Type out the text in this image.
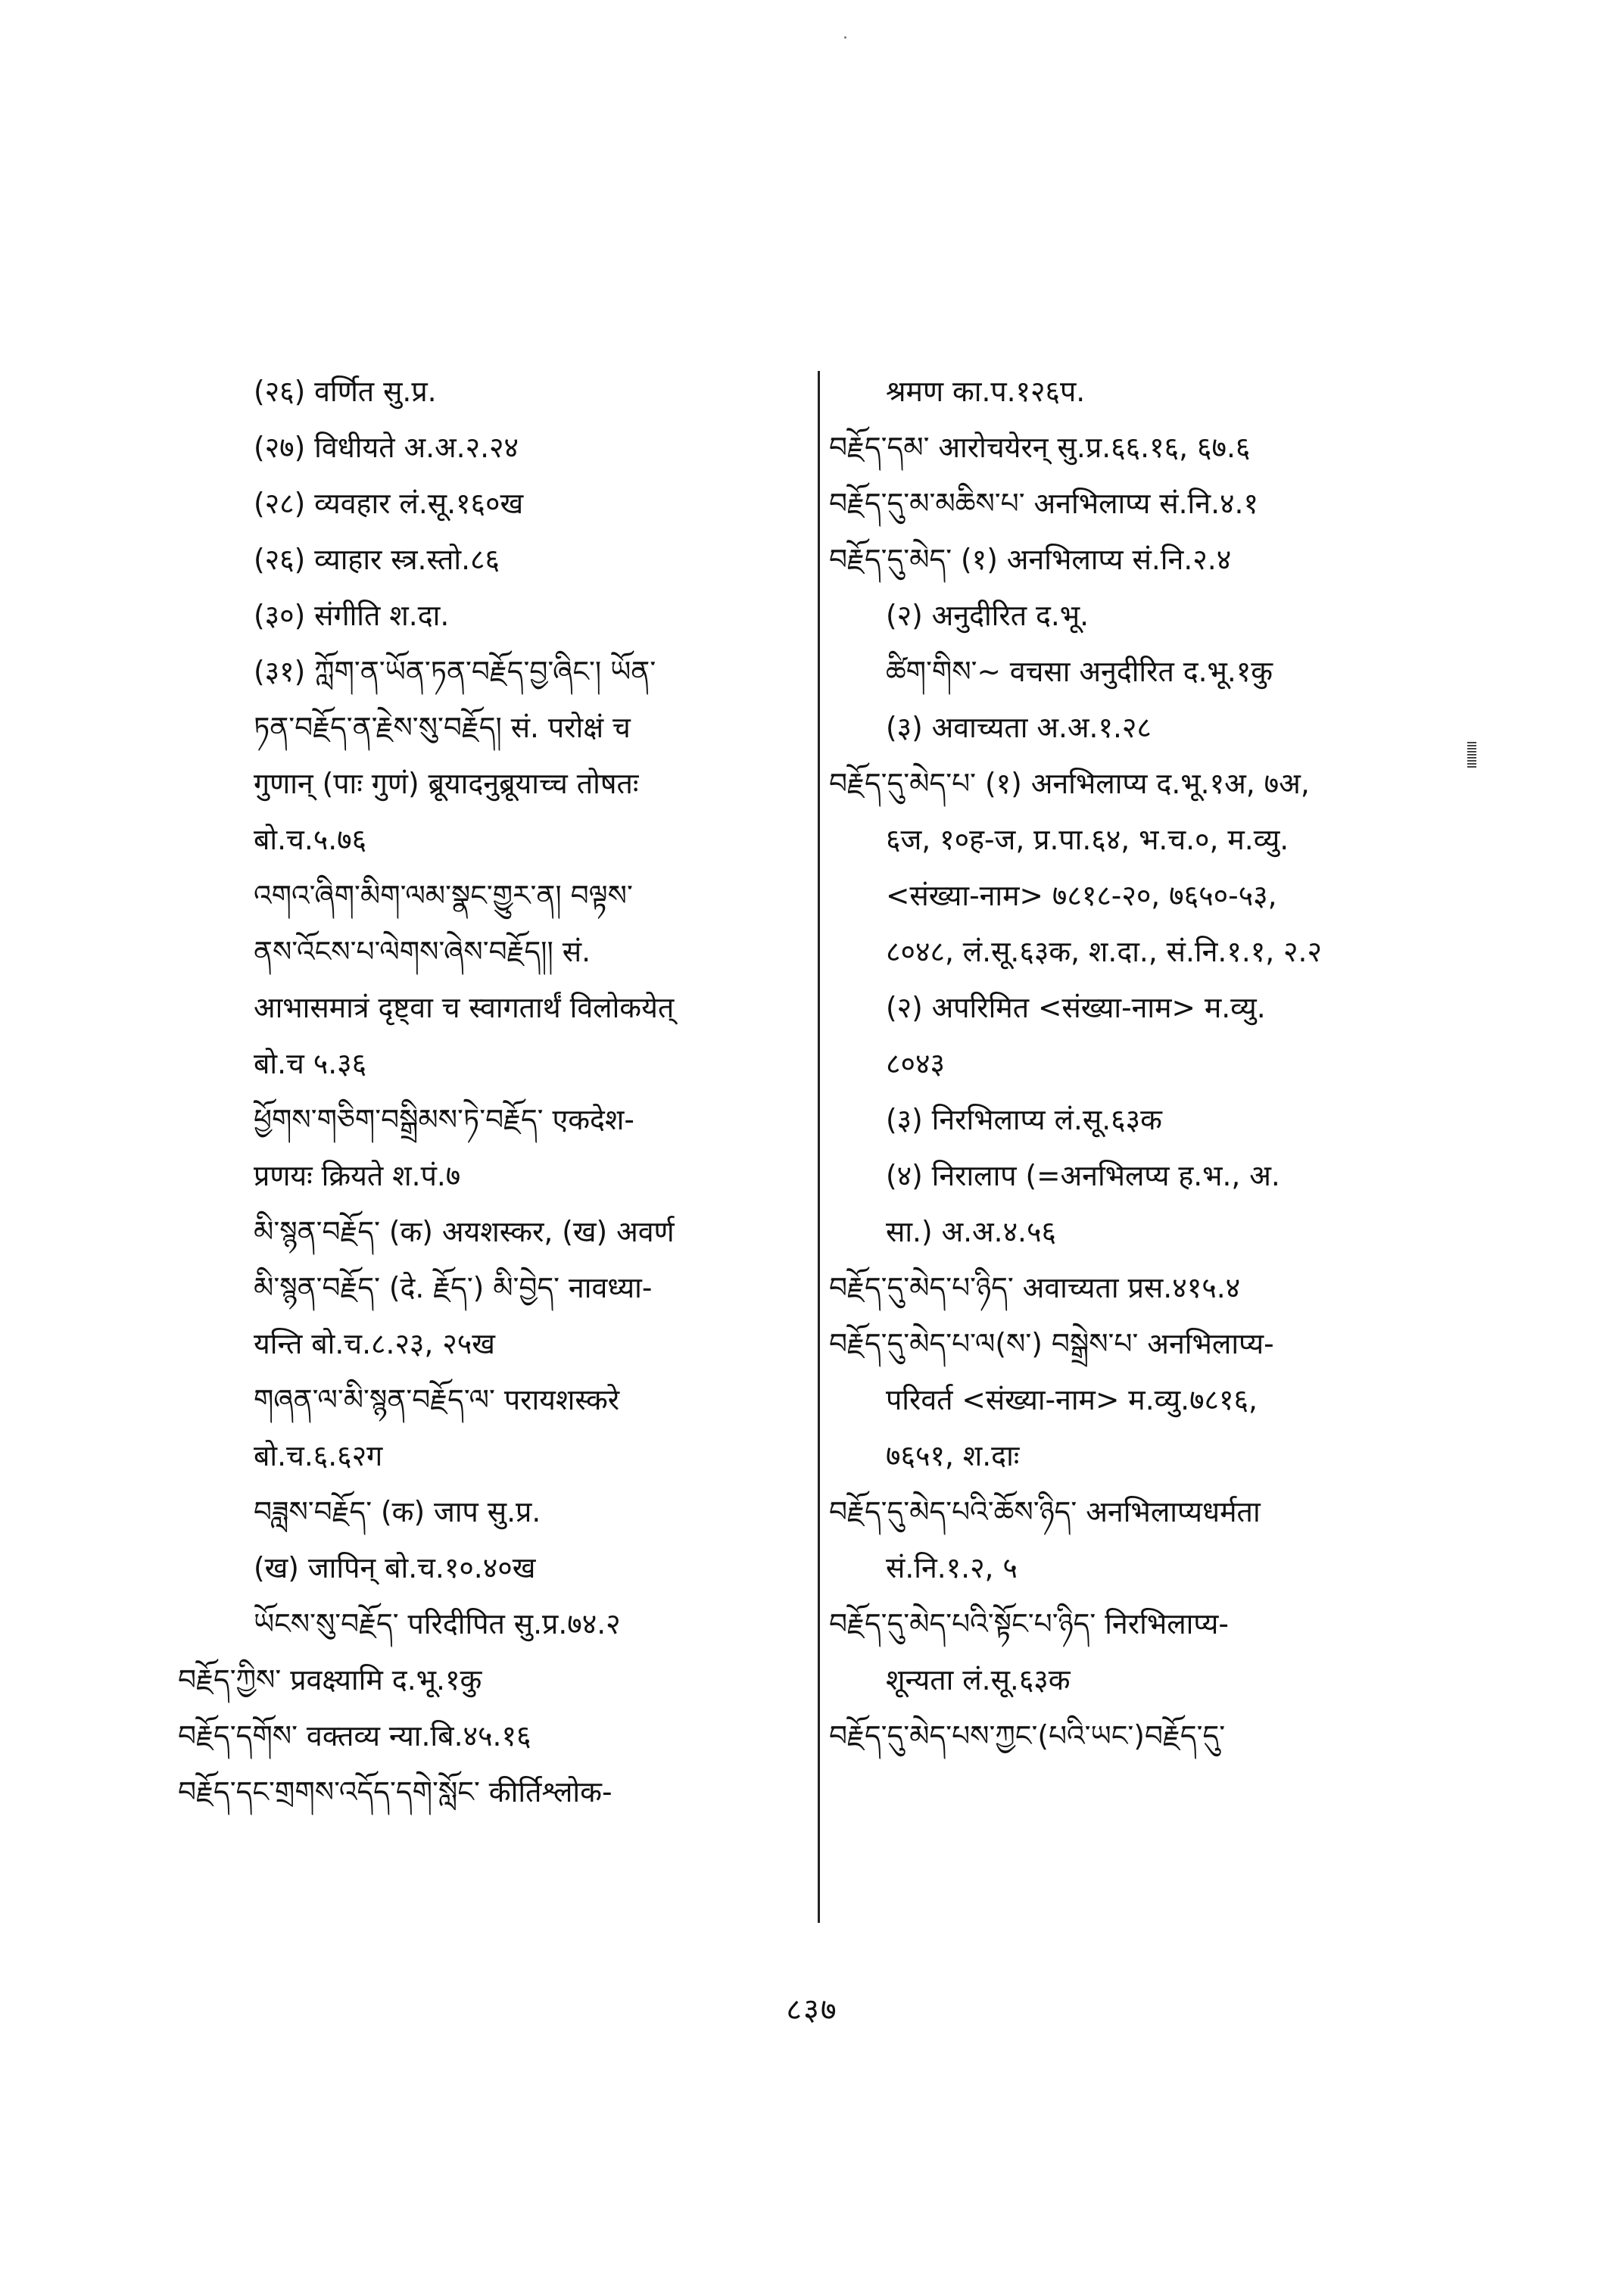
(२६) वर्णित सु.प्र.
(२७) विधीयते अ.अ.२.२४
(२८) व्यवहार लं.सू.१६०ख
(२६) व्याहार स्त्र.स्तो.८६
(३०) संगीति श.दा.
(३१) ཀློག་ན་ཡོན་ཏན་བརྗོད་བྱ་ཞིང་། ཡོན་
ཏན་བརྗོད་ན་རྗེས་སུ་བརྗོད། सं. परोक्षं च
गुणान् (पाः गुणं) ब्रूयादनुब्रूयाच्च तोषतः
बो.च.५.७६
འགའ་ཞིག་མིག་ལམ་སྣང་གྱུར་ན། བལྟས་
ནས་འོངས་པ་ལེགས་ཞེས་བརྗོད།། सं.
आभासमात्रं दृष्ट्वा च स्वागतार्थं विलोकयेत्
बो.च ५.३६
ཕྱོགས་གཅིག་བསྒྲིམས་ཏེ་བརྗོད་ एकदेश-
प्रणयः क्रियते श.पं.७
མི་སྙན་བརྗོད་ (क) अयशस्कर, (ख) अवर्ण
མི་སྙན་བརྗོད་ (दे. རྗོད་) མི་བྱེད་ नावध्या-
यन्ति बो.च.८.२३, २५ख
གཞན་ལ་མི་སྙན་བརྗོད་ལ་ परायशस्करे
बो.च.६.६२ग
བཟླས་བརྗོད་ (क) जाप सु.प्र.
(ख) जापिन् बो.च.१०.४०ख
ཡོངས་སུ་བརྗོད་ परिदीपित सु.प्र.७४.२
བརྗོད་ཀྱིས་ प्रवक्ष्यामि द.भू.१कु
བརྗོད་དགོས་ वक्तव्य न्या.बि.४५.१६
བརྗོད་དང་གྲགས་འདོད་དགེ་སློང་ कीर्तिश्लोक-
श्रमण का.प.१२६प.
བརྗོད་དམ་ आरोचयेरन् सु.प्र.६६.१६, ६७.६
བརྗོད་དུ་མ་མཆིས་པ་ अनभिलाप्य सं.नि.४.१
བརྗོད་དུ་མེད་ (१) अनभिलाप्य सं.नि.२.४
(२) अनुदीरित द.भू.
ཚིག་གིས་~ वचसा अनुदीरित द.भू.१कु
(३) अवाच्यता अ.अ.१.२८
བརྗོད་དུ་མེད་པ་ (१) अनभिलाप्य द.भू.१अ, ७अ,
६ज, १०ह-ज, प्र.पा.६४, भ.च.०, म.व्यु.
<संख्या-नाम> ७८१८-२०, ७६५०-५३,
८०४८, लं.सू.६३क, श.दा., सं.नि.१.१, २.२
(२) अपरिमित <संख्या-नाम> म.व्यु.
८०४३
(३) निरभिलाप्य लं.सू.६३क
(४) निरालाप (=अनभिलप्य ह.भ., अ.
सा.) अ.अ.४.५६
བརྗོད་དུ་མེད་པ་ཉིད་ अवाच्यता प्रस.४१५.४
བརྗོད་དུ་མེད་པ་ལ(ས་) བསྒྲེས་པ་ अनभिलाप्य-
परिवर्त <संख्या-नाम> म.व्यु.७८१६,
७६५१, श.दाः
བརྗོད་དུ་མེད་པའི་ཆོས་ཉིད་ अनभिलाप्यधर्मता
सं.नि.१.२, ५
བརྗོད་དུ་མེད་པའི་སྟོང་པ་ཉིད་ निरभिलाप्य-
शून्यता लं.सू.६३क
བརྗོད་དུ་མེད་པས་ཀྱང་(པའི་ཡང་)བརྗོད་དུ་
८३७
